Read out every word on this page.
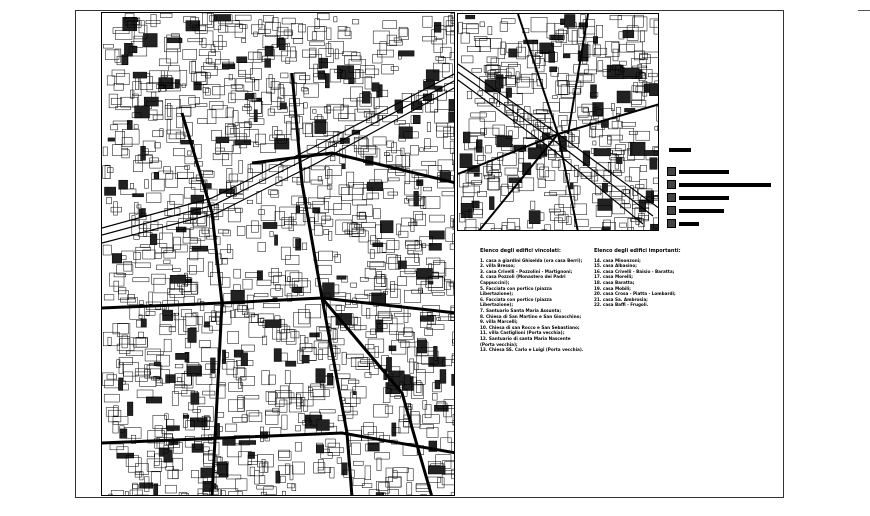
Elenco degli edifici vincolati:
1. casa a giardini Ghiselda (ora casa Berri);
2. villa Bresso;
3. casa Crivelli - Pozzolini - Martignoni;
4. casa Pozzoli (Monastero dei Padri Cappuccini);
5. Facciata con portico (piazza Libertazione);
6. Facciata con portico (piazza Libertazione);
7. Santuario Santa Maria Assunta;
8. Chiesa di San Martino e San Gioacchino;
9. villa Marcelli;
10. Chiesa di san Rocco e San Sebastiano;
11. villa Castiglioni (Porta vecchia);
12. Santuario di santa Maria Nascente (Porta vecchia);
13. Chiesa SS. Carlo e Luigi (Porta vecchia).
Elenco degli edifici importanti:
14. casa Minonzoni;
15. casa Albasino;
16. casa Crivelli - Baisio - Baratta;
17. casa Morelli;
18. casa Baratta;
19. casa Mobili;
20. casa Crosa - Piatta - Lombardi;
21. casa Sa. Ambrosia;
22. casa Baffi - Frugoli.
